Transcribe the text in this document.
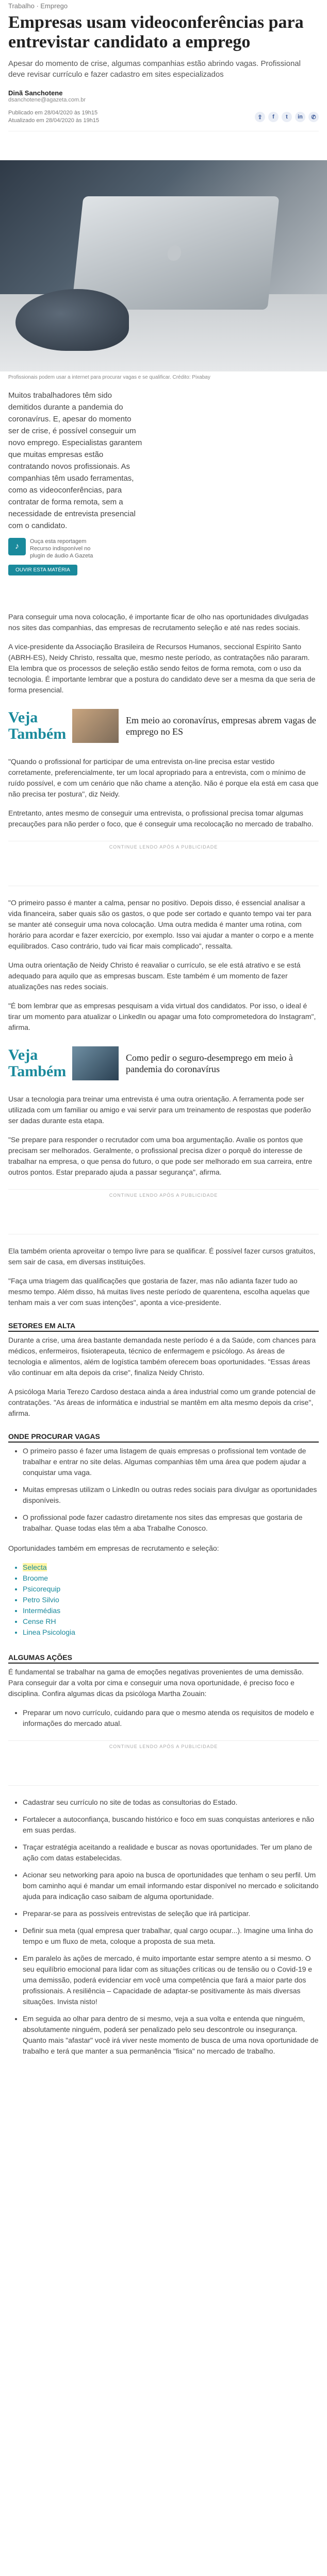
Trabalho · Emprego
Empresas usam videoconferências para entrevistar candidato a emprego

Apesar do momento de crise, algumas companhias estão abrindo vagas. Profissional deve revisar currículo e fazer cadastro em sites especializados

Dinã Sanchotene
dsanchotene@agazeta.com.br
Publicado em 28/04/2020 às 19h15
Atualizado em 28/04/2020 às 19h15
⇪	f	t	in	✆
Profissionais podem usar a internet para procurar vagas e se qualificar. Crédito: Pixabay
Muitos trabalhadores têm sido demitidos durante a pandemia do coronavírus. E, apesar do momento ser de crise, é possível conseguir um novo emprego. Especialistas garantem que muitas empresas estão contratando novos profissionais. As companhias têm usado ferramentas, como as videoconferências, para contratar de forma remota, sem a necessidade de entrevista presencial com o candidato.
♪
Ouça esta reportagem
Recurso indisponível no
plugin de áudio A Gazeta
OUVIR ESTA MATÉRIA

Para conseguir uma nova colocação, é importante ficar de olho nas oportunidades divulgadas nos sites das companhias, das empresas de recrutamento seleção e até nas redes sociais.

A vice-presidente da Associação Brasileira de Recursos Humanos, seccional Espírito Santo (ABRH-ES), Neidy Christo, ressalta que, mesmo neste período, as contratações não pararam. Ela lembra que os processos de seleção estão sendo feitos de forma remota, com o uso da tecnologia. É importante lembrar que a postura do candidato deve ser a mesma da que seria de forma presencial.

Veja Também
Em meio ao coronavírus, empresas abrem vagas de emprego no ES

"Quando o profissional for participar de uma entrevista on-line precisa estar vestido corretamente, preferencialmente, ter um local apropriado para a entrevista, com o mínimo de ruído possível, e com um cenário que não chame a atenção. Não é porque ela está em casa que não precisa ter postura", diz Neidy.

Entretanto, antes mesmo de conseguir uma entrevista, o profissional precisa tomar algumas precauções para não perder o foco, que é conseguir uma recolocação no mercado de trabalho.

CONTINUE LENDO APÓS A PUBLICIDADE

"O primeiro passo é manter a calma, pensar no positivo. Depois disso, é essencial analisar a vida financeira, saber quais são os gastos, o que pode ser cortado e quanto tempo vai ter para se manter até conseguir uma nova colocação. Uma outra medida é manter uma rotina, com horário para acordar e fazer exercício, por exemplo. Isso vai ajudar a manter o corpo e a mente equilibrados. Caso contrário, tudo vai ficar mais complicado", ressalta.

Uma outra orientação de Neidy Christo é reavaliar o currículo, se ele está atrativo e se está adequado para aquilo que as empresas buscam. Este também é um momento de fazer atualizações nas redes sociais.

"É bom lembrar que as empresas pesquisam a vida virtual dos candidatos. Por isso, o ideal é tirar um momento para atualizar o LinkedIn ou apagar uma foto comprometedora do Instagram", afirma.

Veja Também
Como pedir o seguro-desemprego em meio à pandemia do coronavírus

Usar a tecnologia para treinar uma entrevista é uma outra orientação. A ferramenta pode ser utilizada com um familiar ou amigo e vai servir para um treinamento de respostas que poderão ser dadas durante esta etapa.

"Se prepare para responder o recrutador com uma boa argumentação. Avalie os pontos que precisam ser melhorados. Geralmente, o profissional precisa dizer o porquê do interesse de trabalhar na empresa, o que pensa do futuro, o que pode ser melhorado em sua carreira, entre outros pontos. Estar preparado ajuda a passar segurança", afirma.

CONTINUE LENDO APÓS A PUBLICIDADE

Ela também orienta aproveitar o tempo livre para se qualificar. É possível fazer cursos gratuitos, sem sair de casa, em diversas instituições.

"Faça uma triagem das qualificações que gostaria de fazer, mas não adianta fazer tudo ao mesmo tempo. Além disso, há muitas lives neste período de quarentena, escolha aquelas que tenham mais a ver com suas intenções", aponta a vice-presidente.

SETORES EM ALTA

Durante a crise, uma área bastante demandada neste período é a da Saúde, com chances para médicos, enfermeiros, fisioterapeuta, técnico de enfermagem e psicólogo. As áreas de tecnologia e alimentos, além de logística também oferecem boas oportunidades. "Essas áreas vão continuar em alta depois da crise", finaliza Neidy Christo.

A psicóloga Maria Terezo Cardoso destaca ainda a área industrial como um grande potencial de contratações. "As áreas de informática e industrial se mantêm em alta mesmo depois da crise", afirma.

ONDE PROCURAR VAGAS
• O primeiro passo é fazer uma listagem de quais empresas o profissional tem vontade de trabalhar e entrar no site delas. Algumas companhias têm uma área que podem ajudar a conquistar uma vaga.
• Muitas empresas utilizam o LinkedIn ou outras redes sociais para divulgar as oportunidades disponíveis.
• O profissional pode fazer cadastro diretamente nos sites das empresas que gostaria de trabalhar. Quase todas elas têm a aba Trabalhe Conosco.

Oportunidades também em empresas de recrutamento e seleção:

• Selecta
• Broome
• Psicorequip
• Petro Silvio
• Intermédias
• Cense RH
• Linea Psicologia
ALGUMAS AÇÕES

É fundamental se trabalhar na gama de emoções negativas provenientes de uma demissão. Para conseguir dar a volta por cima e conseguir uma nova oportunidade, é preciso foco e disciplina. Confira algumas dicas da psicóloga Martha Zouain:

• Preparar um novo currículo, cuidando para que o mesmo atenda os requisitos de modelo e informações do mercado atual.
CONTINUE LENDO APÓS A PUBLICIDADE
• Cadastrar seu currículo no site de todas as consultorias do Estado.
• Fortalecer a autoconfiança, buscando histórico e foco em suas conquistas anteriores e não em suas perdas.
• Traçar estratégia aceitando a realidade e buscar as novas oportunidades. Ter um plano de ação com datas estabelecidas.
• Acionar seu networking para apoio na busca de oportunidades que tenham o seu perfil. Um bom caminho aqui é mandar um email informando estar disponível no mercado e solicitando ajuda para indicação caso saibam de alguma oportunidade.
• Preparar-se para as possíveis entrevistas de seleção que irá participar.
• Definir sua meta (qual empresa quer trabalhar, qual cargo ocupar...). Imagine uma linha do tempo e um fluxo de meta, coloque a proposta de sua meta.
• Em paralelo às ações de mercado, é muito importante estar sempre atento a si mesmo. O seu equilíbrio emocional para lidar com as situações críticas ou de tensão ou o Covid-19 e uma demissão, poderá evidenciar em você uma competência que fará a maior parte dos profissionais. A resiliência – Capacidade de adaptar-se positivamente às mais diversas situações. Invista nisto!
• Em seguida ao olhar para dentro de si mesmo, veja a sua volta e entenda que ninguém, absolutamente ninguém, poderá ser penalizado pelo seu descontrole ou insegurança. Quanto mais "afastar" você irá viver neste momento de busca de uma nova oportunidade de trabalho e terá que manter a sua permanência "fisica" no mercado de trabalho.
